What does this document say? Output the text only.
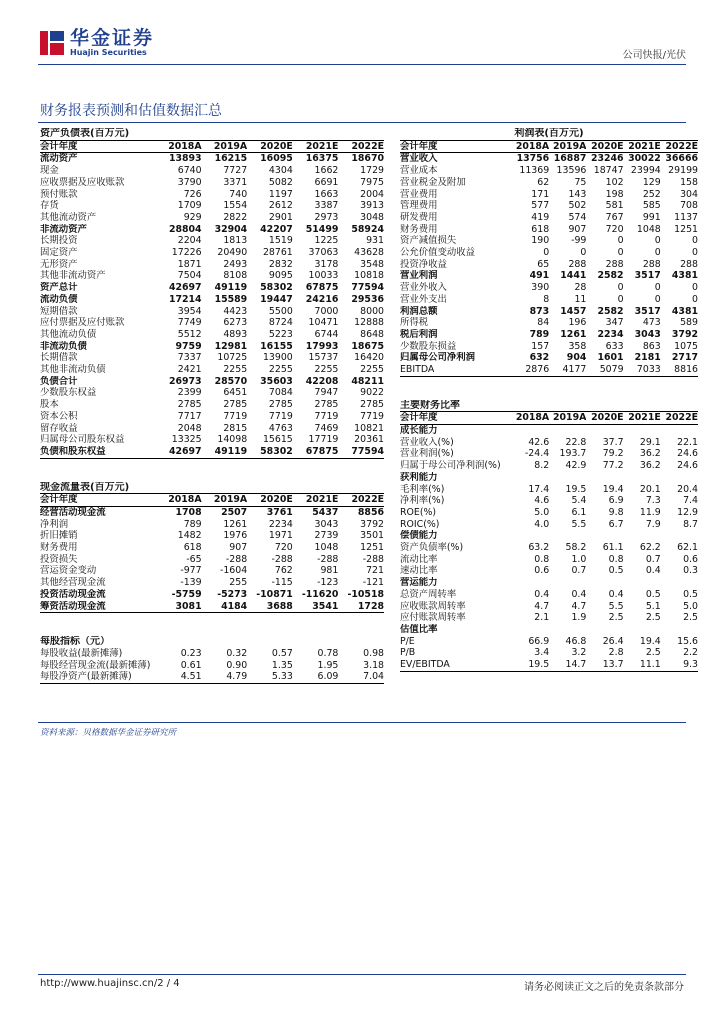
华金证券
Huajin Securities	公司快报/光伏
财务报表预测和估值数据汇总
资产负债表(百万元)					
会计年度	2018A	2019A	2020E	2021E	2022E
流动资产	13893	16215	16095	16375	18670
现金	6740	7727	4304	1662	1729
应收票据及应收账款	3790	3371	5082	6691	7975
预付账款	726	740	1197	1663	2004
存货	1709	1554	2612	3387	3913
其他流动资产	929	2822	2901	2973	3048
非流动资产	28804	32904	42207	51499	58924
长期投资	2204	1813	1519	1225	931
固定资产	17226	20490	28761	37063	43628
无形资产	1871	2493	2832	3178	3548
其他非流动资产	7504	8108	9095	10033	10818
资产总计	42697	49119	58302	67875	77594
流动负债	17214	15589	19447	24216	29536
短期借款	3954	4423	5500	7000	8000
应付票据及应付账款	7749	6273	8724	10471	12888
其他流动负债	5512	4893	5223	6744	8648
非流动负债	9759	12981	16155	17993	18675
长期借款	7337	10725	13900	15737	16420
其他非流动负债	2421	2255	2255	2255	2255
负债合计	26973	28570	35603	42208	48211
少数股东权益	2399	6451	7084	7947	9022
股本	2785	2785	2785	2785	2785
资本公积	7717	7719	7719	7719	7719
留存收益	2048	2815	4763	7469	10821
归属母公司股东权益	13325	14098	15615	17719	20361
负债和股东权益	42697	49119	58302	67875	77594

现金流量表(百万元)					
会计年度	2018A	2019A	2020E	2021E	2022E
经营活动现金流	1708	2507	3761	5437	8856
净利润	789	1261	2234	3043	3792
折旧摊销	1482	1976	1971	2739	3501
财务费用	618	907	720	1048	1251
投资损失	-65	-288	-288	-288	-288
营运资金变动	-977	-1604	762	981	721
其他经营现金流	-139	255	-115	-123	-121
投资活动现金流	-5759	-5273	-10871	-11620	-10518
筹资活动现金流	3081	4184	3688	3541	1728

每股指标（元）					
每股收益(最新摊薄)	0.23	0.32	0.57	0.78	0.98
每股经营现金流(最新摊薄)	0.61	0.90	1.35	1.95	3.18
每股净资产(最新摊薄)	4.51	4.79	5.33	6.09	7.04
利润表(百万元)					
会计年度	2018A	2019A	2020E	2021E	2022E
营业收入	13756	16887	23246	30022	36666
营业成本	11369	13596	18747	23994	29199
营业税金及附加	62	75	102	129	158
营业费用	171	143	198	252	304
管理费用	577	502	581	585	708
研发费用	419	574	767	991	1137
财务费用	618	907	720	1048	1251
资产减值损失	190	-99	0	0	0
公允价值变动收益	0	0	0	0	0
投资净收益	65	288	288	288	288
营业利润	491	1441	2582	3517	4381
营业外收入	390	28	0	0	0
营业外支出	8	11	0	0	0
利润总额	873	1457	2582	3517	4381
所得税	84	196	347	473	589
税后利润	789	1261	2234	3043	3792
少数股东损益	157	358	633	863	1075
归属母公司净利润	632	904	1601	2181	2717
EBITDA	2876	4177	5079	7033	8816

主要财务比率					
会计年度	2018A	2019A	2020E	2021E	2022E
成长能力					
营业收入(%)	42.6	22.8	37.7	29.1	22.1
营业利润(%)	-24.4	193.7	79.2	36.2	24.6
归属于母公司净利润(%)	8.2	42.9	77.2	36.2	24.6
获利能力					
毛利率(%)	17.4	19.5	19.4	20.1	20.4
净利率(%)	4.6	5.4	6.9	7.3	7.4
ROE(%)	5.0	6.1	9.8	11.9	12.9
ROIC(%)	4.0	5.5	6.7	7.9	8.7
偿债能力					
资产负债率(%)	63.2	58.2	61.1	62.2	62.1
流动比率	0.8	1.0	0.8	0.7	0.6
速动比率	0.6	0.7	0.5	0.4	0.3
营运能力					
总资产周转率	0.4	0.4	0.4	0.5	0.5
应收账款周转率	4.7	4.7	5.5	5.1	5.0
应付账款周转率	2.1	1.9	2.5	2.5	2.5
估值比率					
P/E	66.9	46.8	26.4	19.4	15.6
P/B	3.4	3.2	2.8	2.5	2.2
EV/EBITDA	19.5	14.7	13.7	11.1	9.3
资料来源：贝格数据华金证券研究所
http://www.huajinsc.cn/2 / 4	请务必阅读正文之后的免责条款部分
